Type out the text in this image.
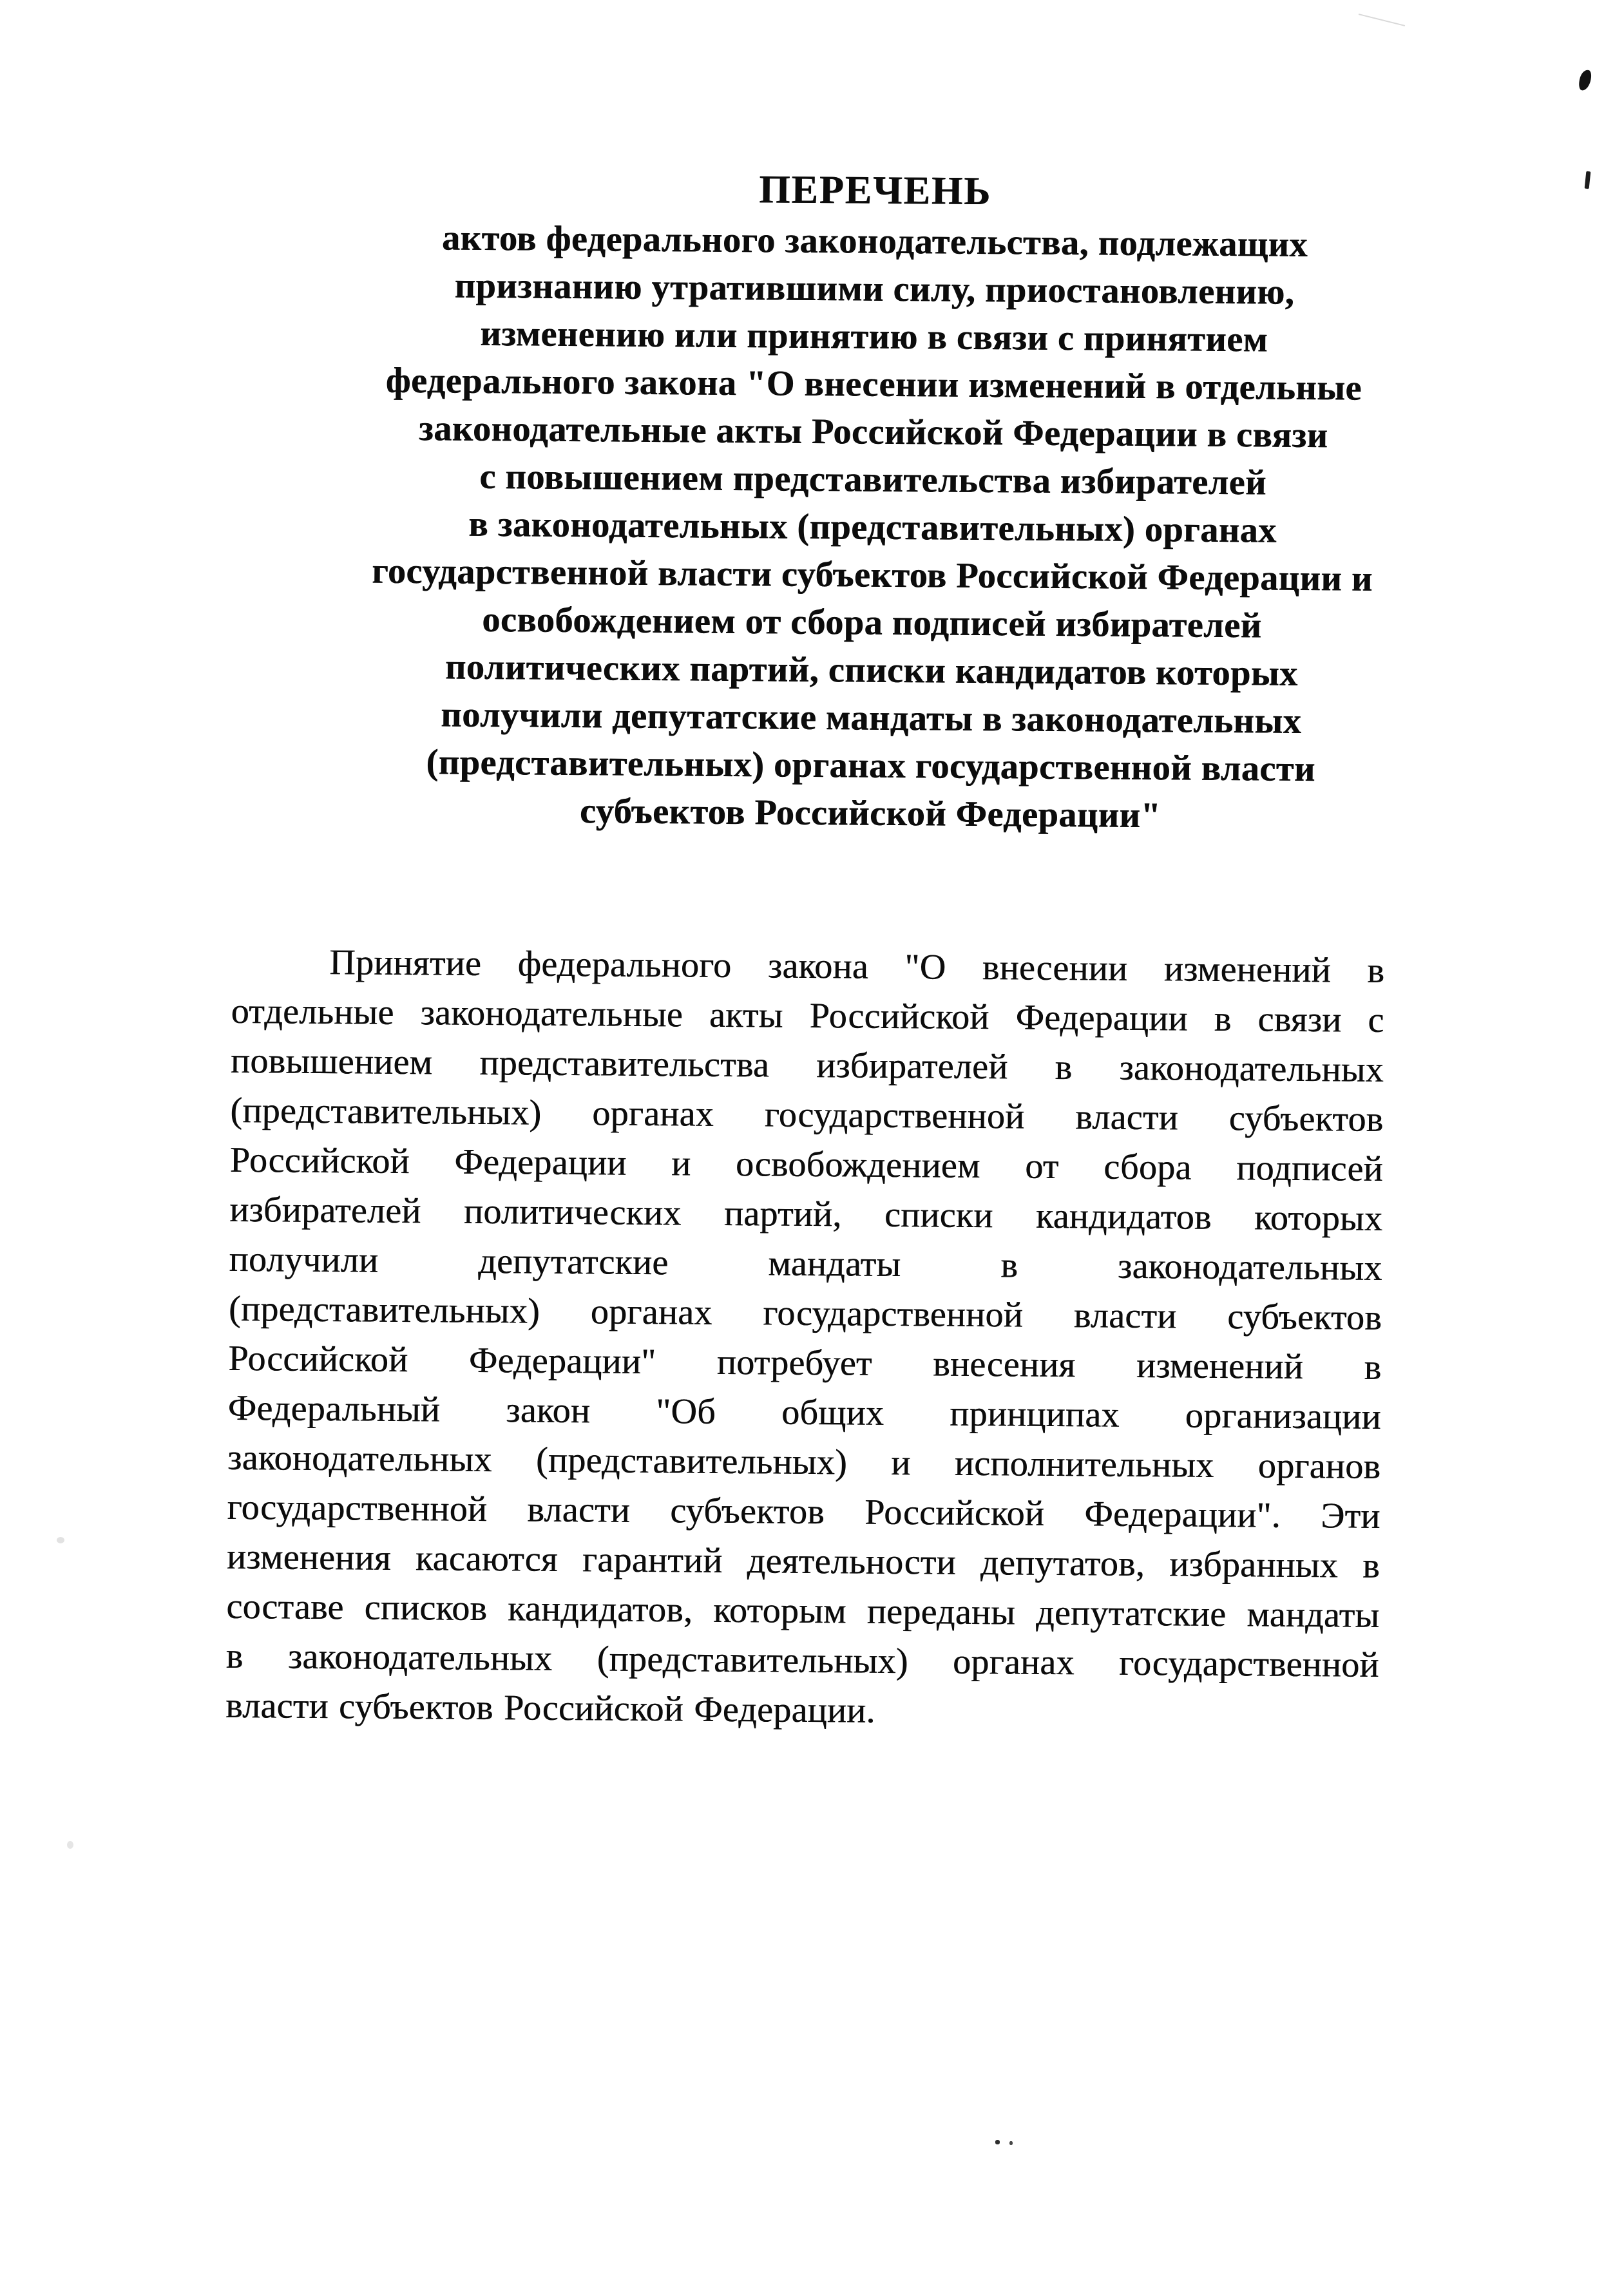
ПЕРЕЧЕНЬ
актов федерального законодательства, подлежащих
признанию утратившими силу, приостановлению,
изменению или принятию в связи с принятием
федерального закона "О внесении изменений в отдельные
законодательные акты Российской Федерации в связи
с повышением представительства избирателей
в законодательных (представительных) органах
государственной власти субъектов Российской Федерации и
освобождением от сбора подписей избирателей
политических партий, списки кандидатов которых
получили депутатские мандаты в законодательных
(представительных) органах государственной власти
субъектов Российской Федерации"
Принятие федерального закона "О внесении изменений в
отдельные законодательные акты Российской Федерации в связи с
повышением представительства избирателей в законодательных
(представительных) органах государственной власти субъектов
Российской Федерации и освобождением от сбора подписей
избирателей политических партий, списки кандидатов которых
получили депутатские мандаты в законодательных
(представительных) органах государственной власти субъектов
Российской Федерации" потребует внесения изменений в
Федеральный закон "Об общих принципах организации
законодательных (представительных) и исполнительных органов
государственной власти субъектов Российской Федерации". Эти
изменения касаются гарантий деятельности депутатов, избранных в
составе списков кандидатов, которым переданы депутатские мандаты
в законодательных (представительных) органах государственной
власти субъектов Российской Федерации.
